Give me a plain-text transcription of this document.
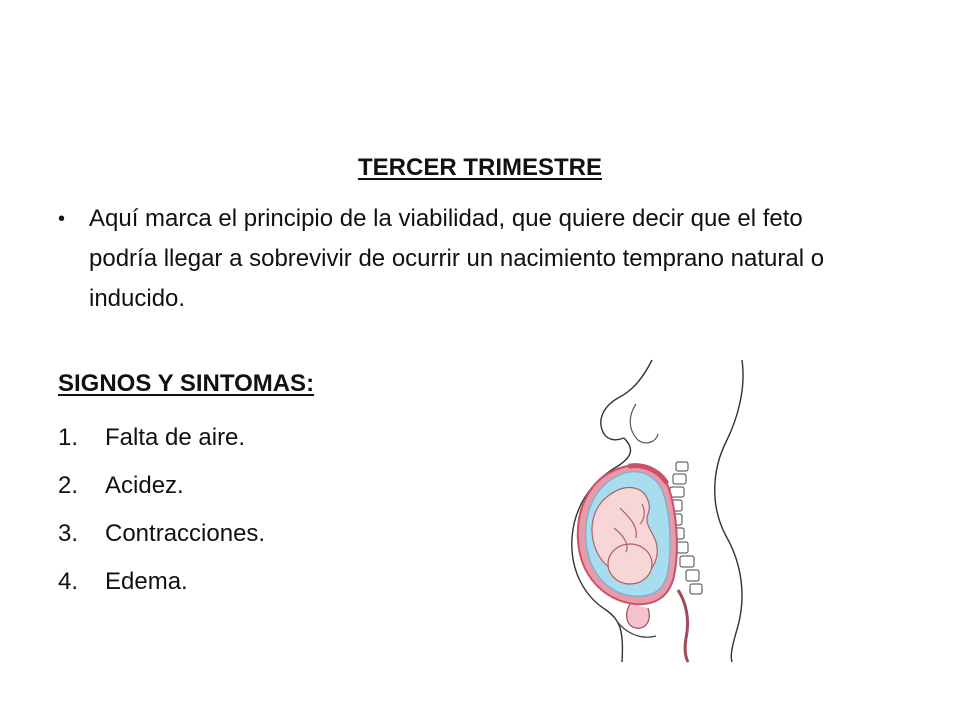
TERCER TRIMESTRE
• Aquí marca el principio de la viabilidad, que quiere decir que el feto podría llegar a sobrevivir de ocurrir un nacimiento temprano natural o inducido.
SIGNOS Y SINTOMAS:
1.	Falta de aire.
2.	Acidez.
3.	Contracciones.
4.	Edema.
